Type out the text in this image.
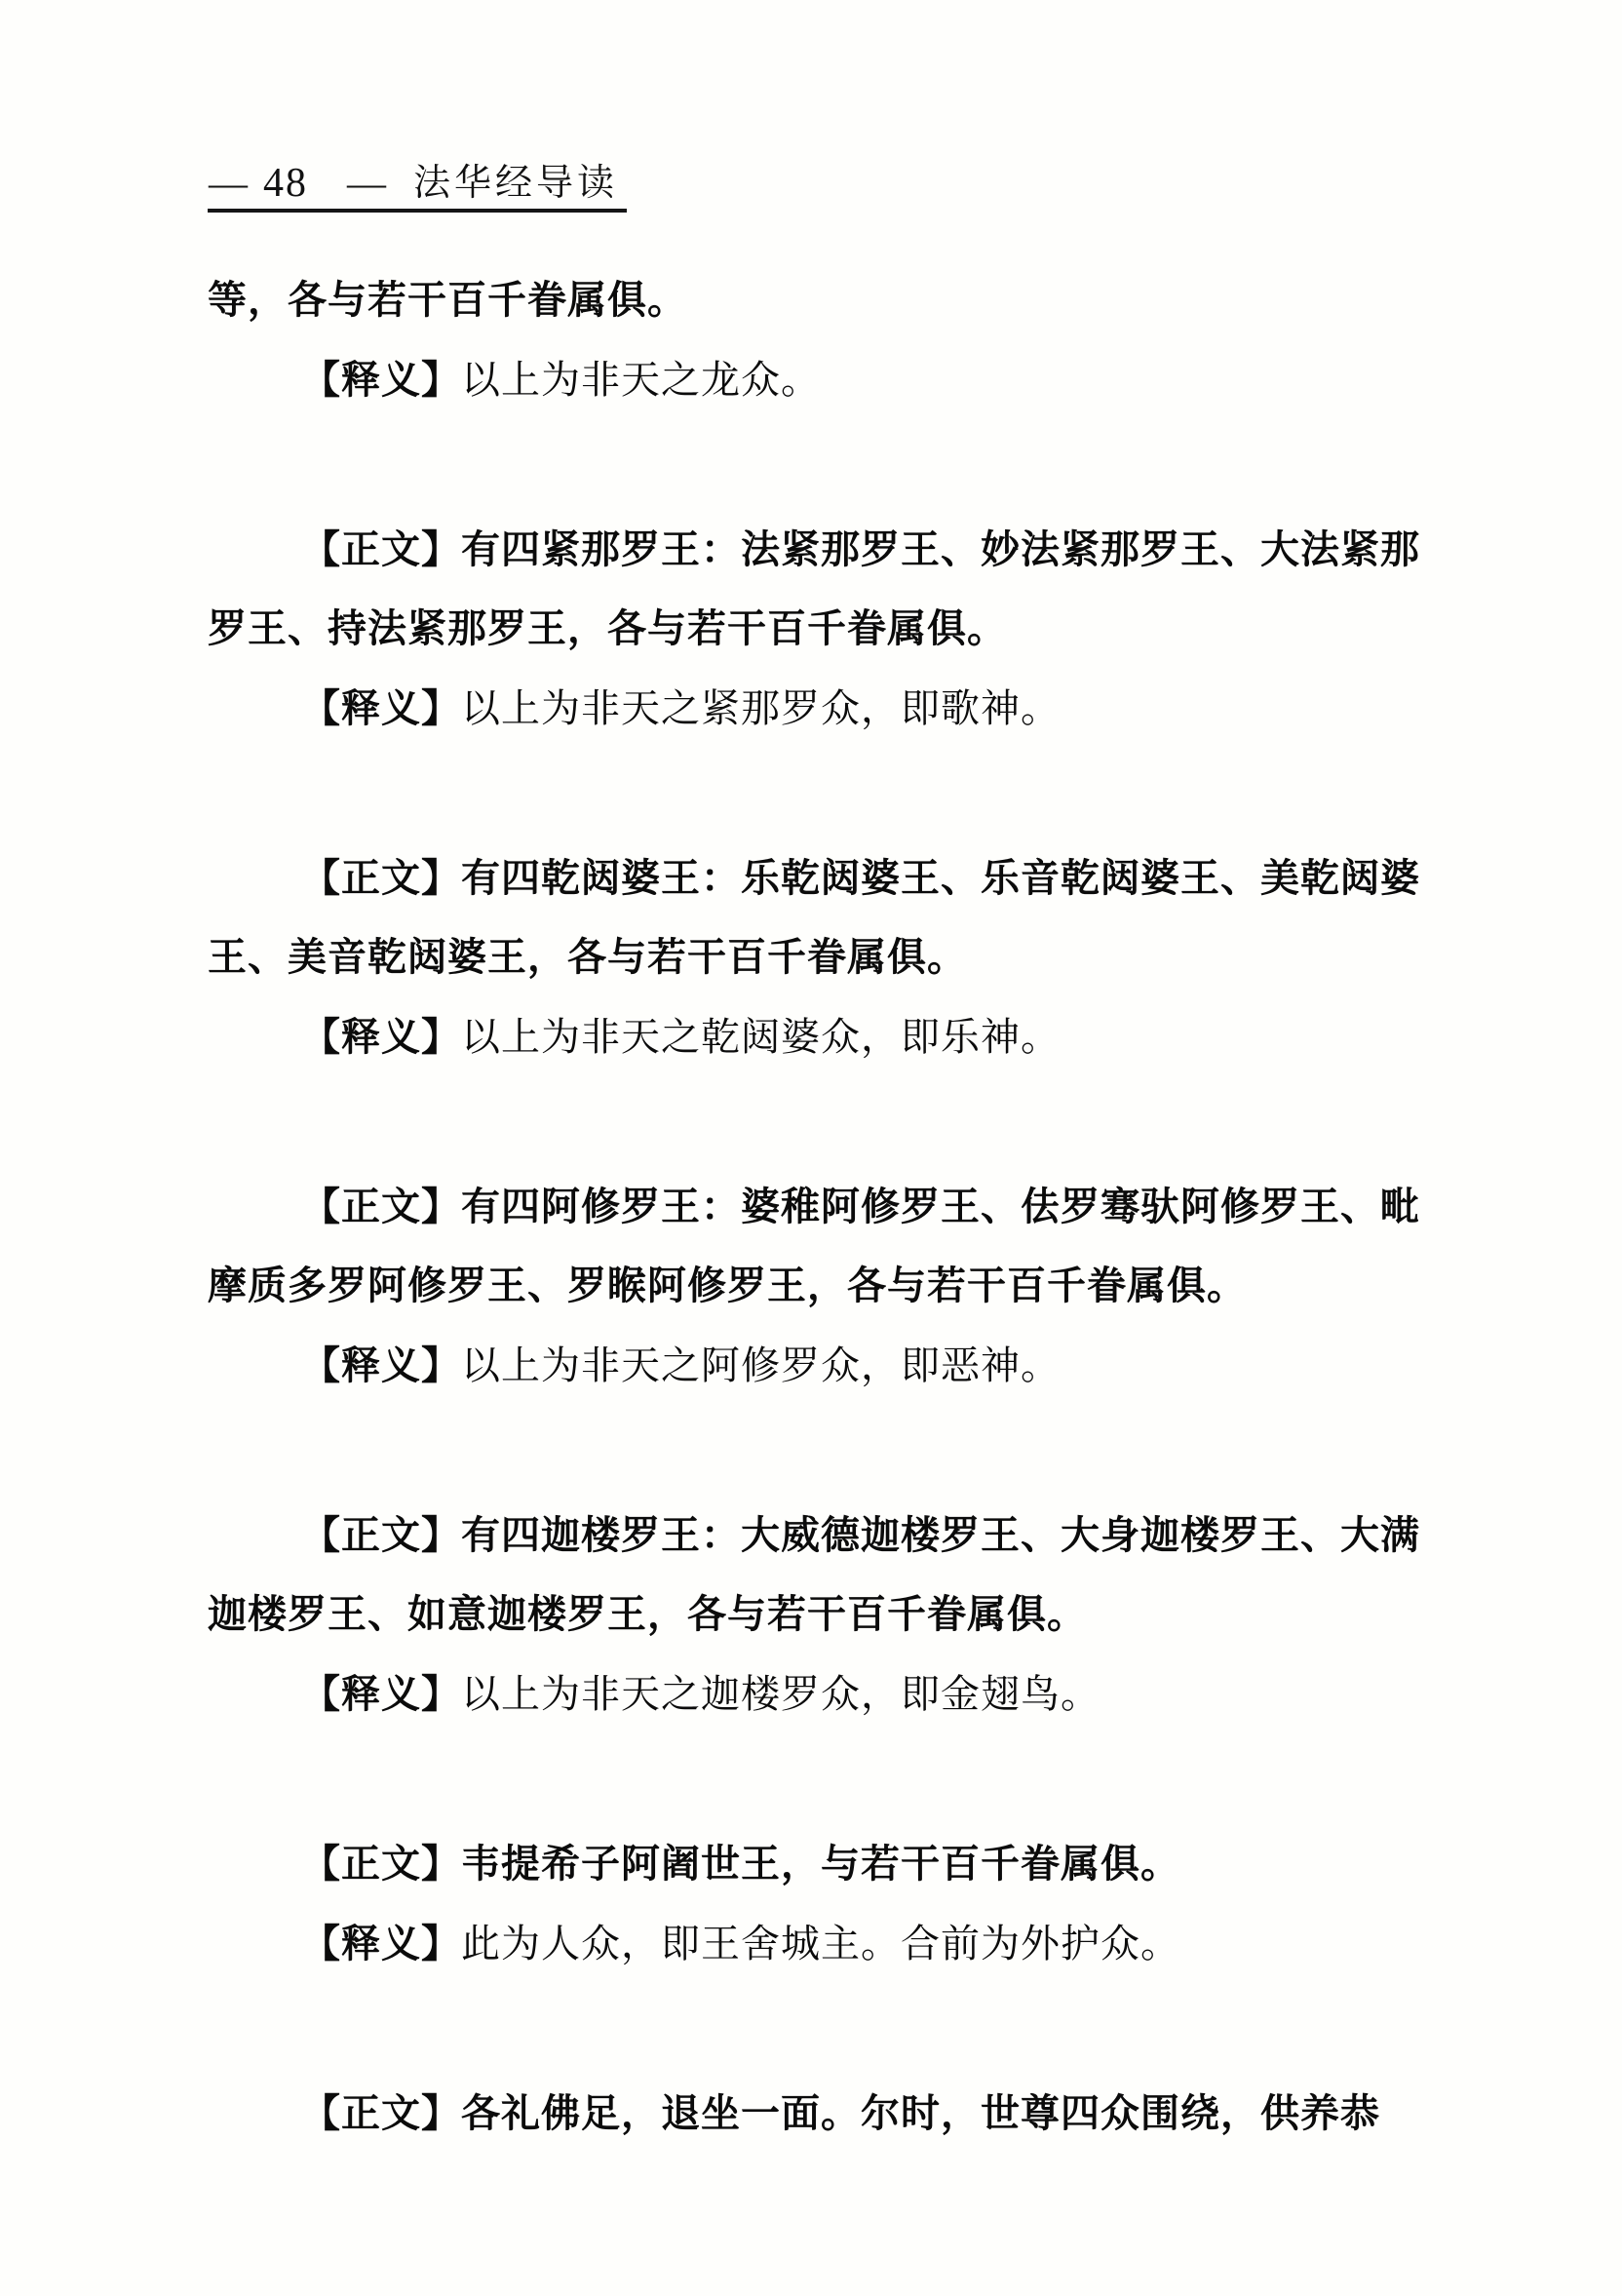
— 48 — 法华经导读
等，各与若干百千眷属俱。
【释义】以上为非天之龙众。
【正文】有四紧那罗王：法紧那罗王、妙法紧那罗王、大法紧那
罗王、持法紧那罗王，各与若干百千眷属俱。
【释义】以上为非天之紧那罗众，即歌神。
【正文】有四乾闼婆王：乐乾闼婆王、乐音乾闼婆王、美乾闼婆
王、美音乾闼婆王，各与若干百千眷属俱。
【释义】以上为非天之乾闼婆众，即乐神。
【正文】有四阿修罗王：婆稚阿修罗王、佉罗骞驮阿修罗王、毗
摩质多罗阿修罗王、罗睺阿修罗王，各与若干百千眷属俱。
【释义】以上为非天之阿修罗众，即恶神。
【正文】有四迦楼罗王：大威德迦楼罗王、大身迦楼罗王、大满
迦楼罗王、如意迦楼罗王，各与若干百千眷属俱。
【释义】以上为非天之迦楼罗众，即金翅鸟。
【正文】韦提希子阿阇世王，与若干百千眷属俱。
【释义】此为人众，即王舍城主。合前为外护众。
【正文】各礼佛足，退坐一面。尔时，世尊四众围绕，供养恭
